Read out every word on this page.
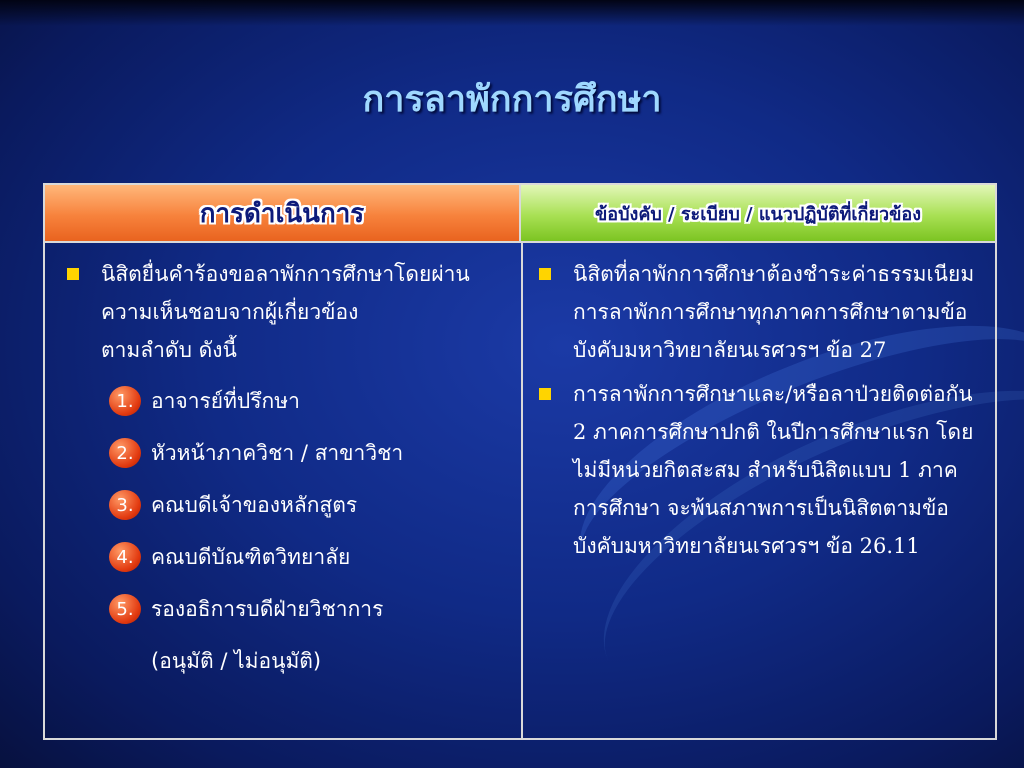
การลาพักการศึกษา
การดำเนินการ	ข้อบังคับ / ระเบียบ / แนวปฏิบัติที่เกี่ยวข้อง
นิสิตยื่นคำร้องขอลาพักการศึกษาโดยผ่านความเห็นชอบจากผู้เกี่ยวข้อง
ตามลำดับ ดังนี้
1. อาจารย์ที่ปรึกษา
2. หัวหน้าภาควิชา / สาขาวิชา
3. คณบดีเจ้าของหลักสูตร
4. คณบดีบัณฑิตวิทยาลัย
5. รองอธิการบดีฝ่ายวิชาการ
(อนุมัติ / ไม่อนุมัติ)
นิสิตที่ลาพักการศึกษาต้องชำระค่าธรรมเนียมการลาพักการศึกษาทุกภาคการศึกษาตามข้อบังคับมหาวิทยาลัยนเรศวรฯ ข้อ 27
การลาพักการศึกษาและ/หรือลาป่วยติดต่อกัน 2 ภาคการศึกษาปกติ ในปีการศึกษาแรก โดยไม่มีหน่วยกิตสะสม สำหรับนิสิตแบบ 1 ภาคการศึกษา จะพ้นสภาพการเป็นนิสิตตามข้อบังคับมหาวิทยาลัยนเรศวรฯ ข้อ 26.11
